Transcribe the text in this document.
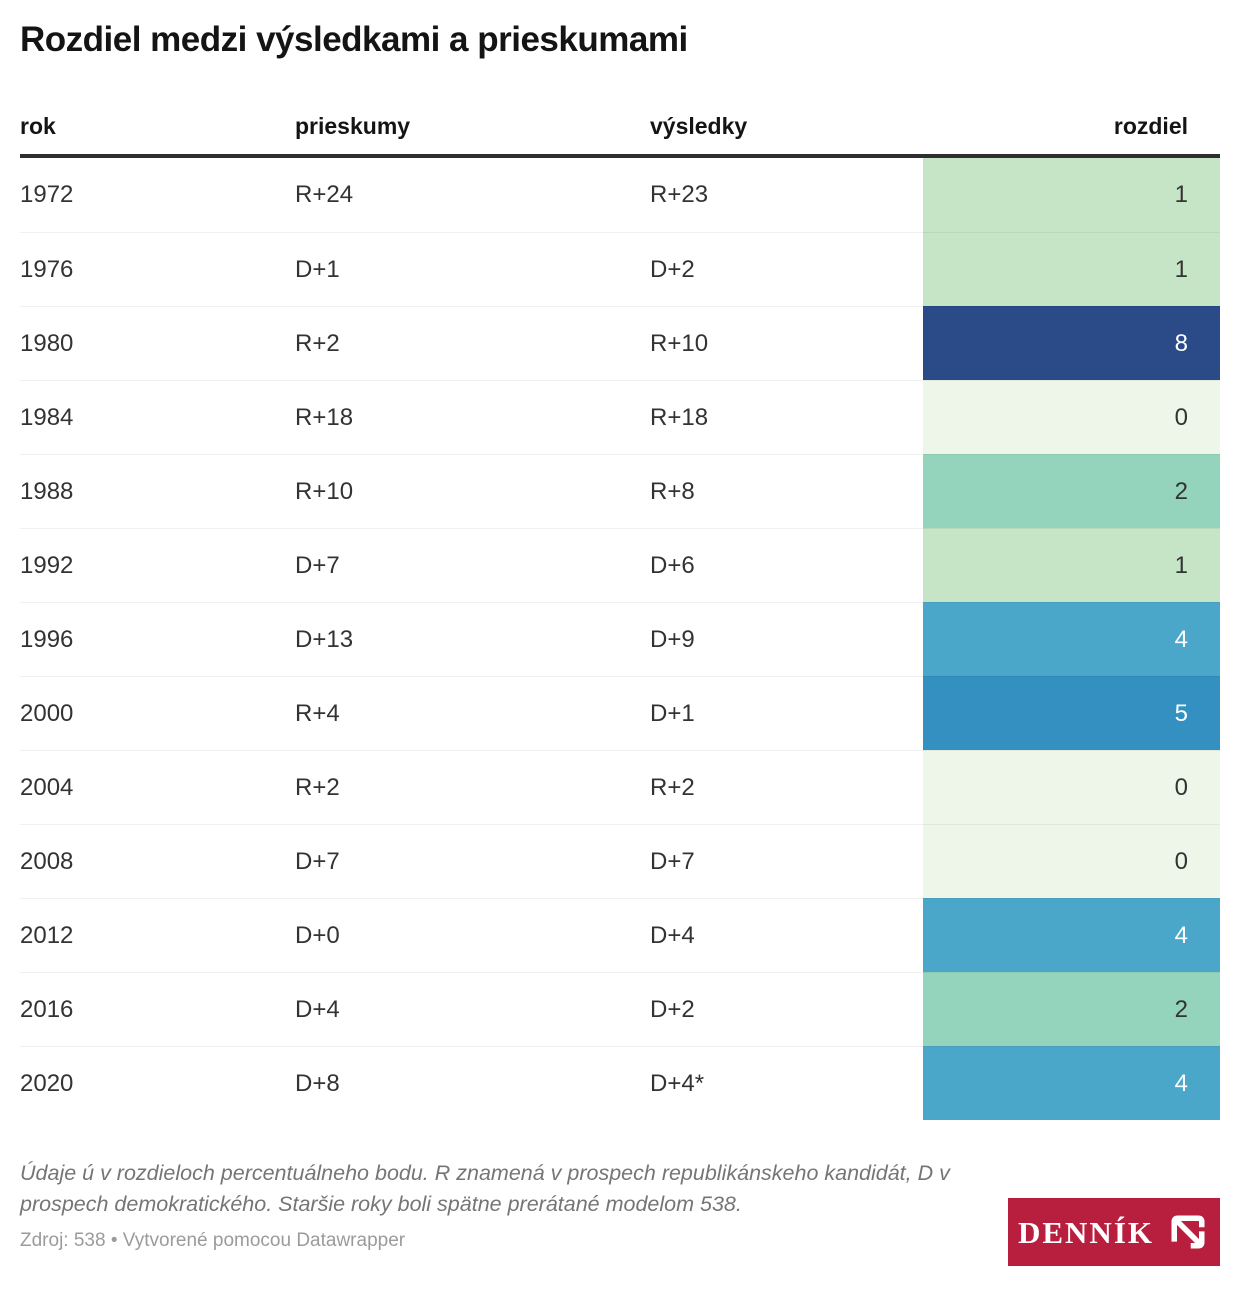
Rozdiel medzi výsledkami a prieskumami
rok	prieskumy	výsledky	rozdiel
1972	R+24	R+23	1
1976	D+1	D+2	1
1980	R+2	R+10	8
1984	R+18	R+18	0
1988	R+10	R+8	2
1992	D+7	D+6	1
1996	D+13	D+9	4
2000	R+4	D+1	5
2004	R+2	R+2	0
2008	D+7	D+7	0
2012	D+0	D+4	4
2016	D+4	D+2	2
2020	D+8	D+4*	4
Údaje ú v rozdieloch percentuálneho bodu. R znamená v prospech republikánskeho kandidát, D v prospech demokratického. Staršie roky boli spätne prerátané modelom 538.
Zdroj: 538 • Vytvorené pomocou Datawrapper	DENNÍK
